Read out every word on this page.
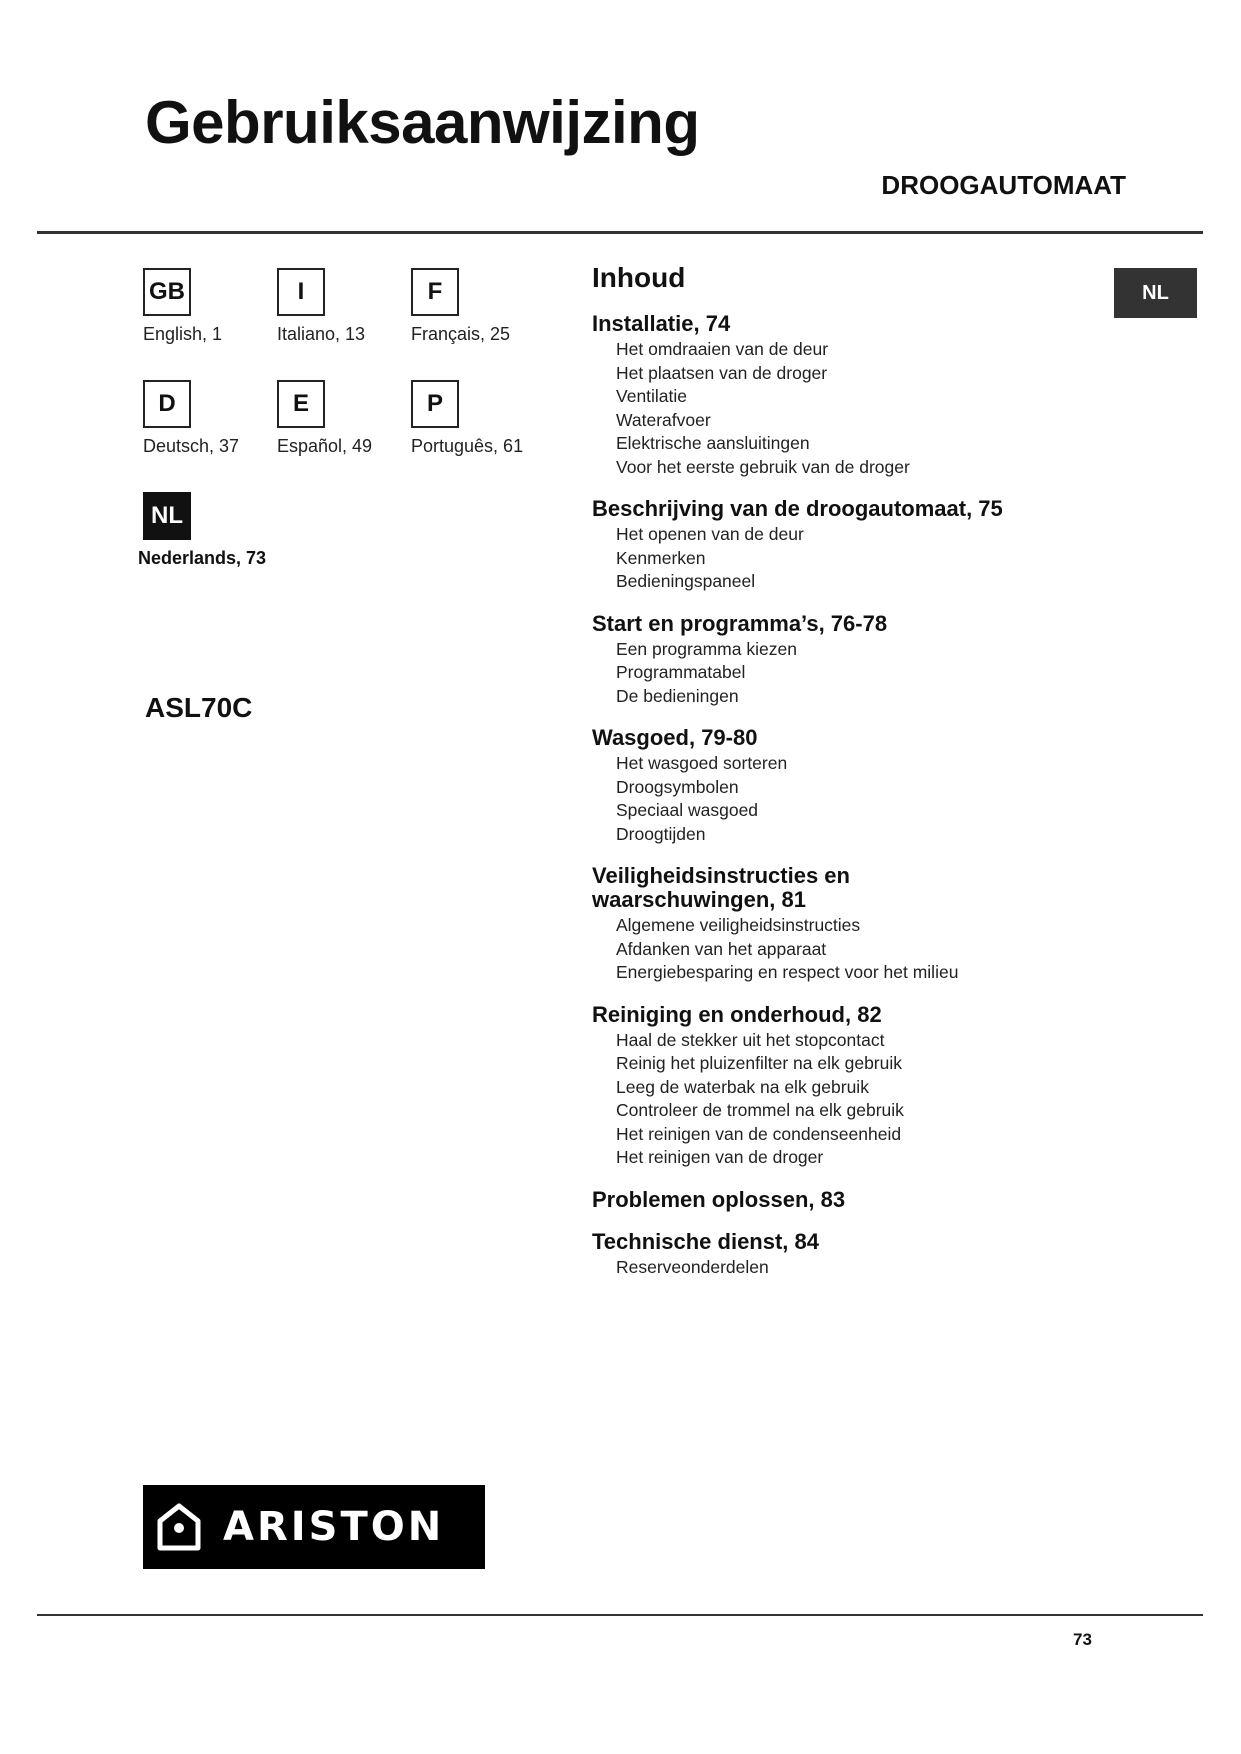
Gebruiksaanwijzing
DROOGAUTOMAAT
GB
English, 1
I
Italiano, 13
F
Français, 25
D
Deutsch, 37
E
Español, 49
P
Português, 61
NL
Nederlands, 73
ASL70C
NL
Inhoud
Installatie, 74
Het omdraaien van de deur
Het plaatsen van de droger
Ventilatie
Waterafvoer
Elektrische aansluitingen
Voor het eerste gebruik van de droger
Beschrijving van de droogautomaat, 75
Het openen van de deur
Kenmerken
Bedieningspaneel
Start en programma’s, 76-78
Een programma kiezen
Programmatabel
De bedieningen
Wasgoed, 79-80
Het wasgoed sorteren
Droogsymbolen
Speciaal wasgoed
Droogtijden
Veiligheidsinstructies en waarschuwingen, 81
Algemene veiligheidsinstructies
Afdanken van het apparaat
Energiebesparing en respect voor het milieu
Reiniging en onderhoud, 82
Haal de stekker uit het stopcontact
Reinig het pluizenfilter na elk gebruik
Leeg de waterbak na elk gebruik
Controleer de trommel na elk gebruik
Het reinigen van de condenseenheid
Het reinigen van de droger
Problemen oplossen, 83
Technische dienst, 84
Reserveonderdelen
ARISTON
73
